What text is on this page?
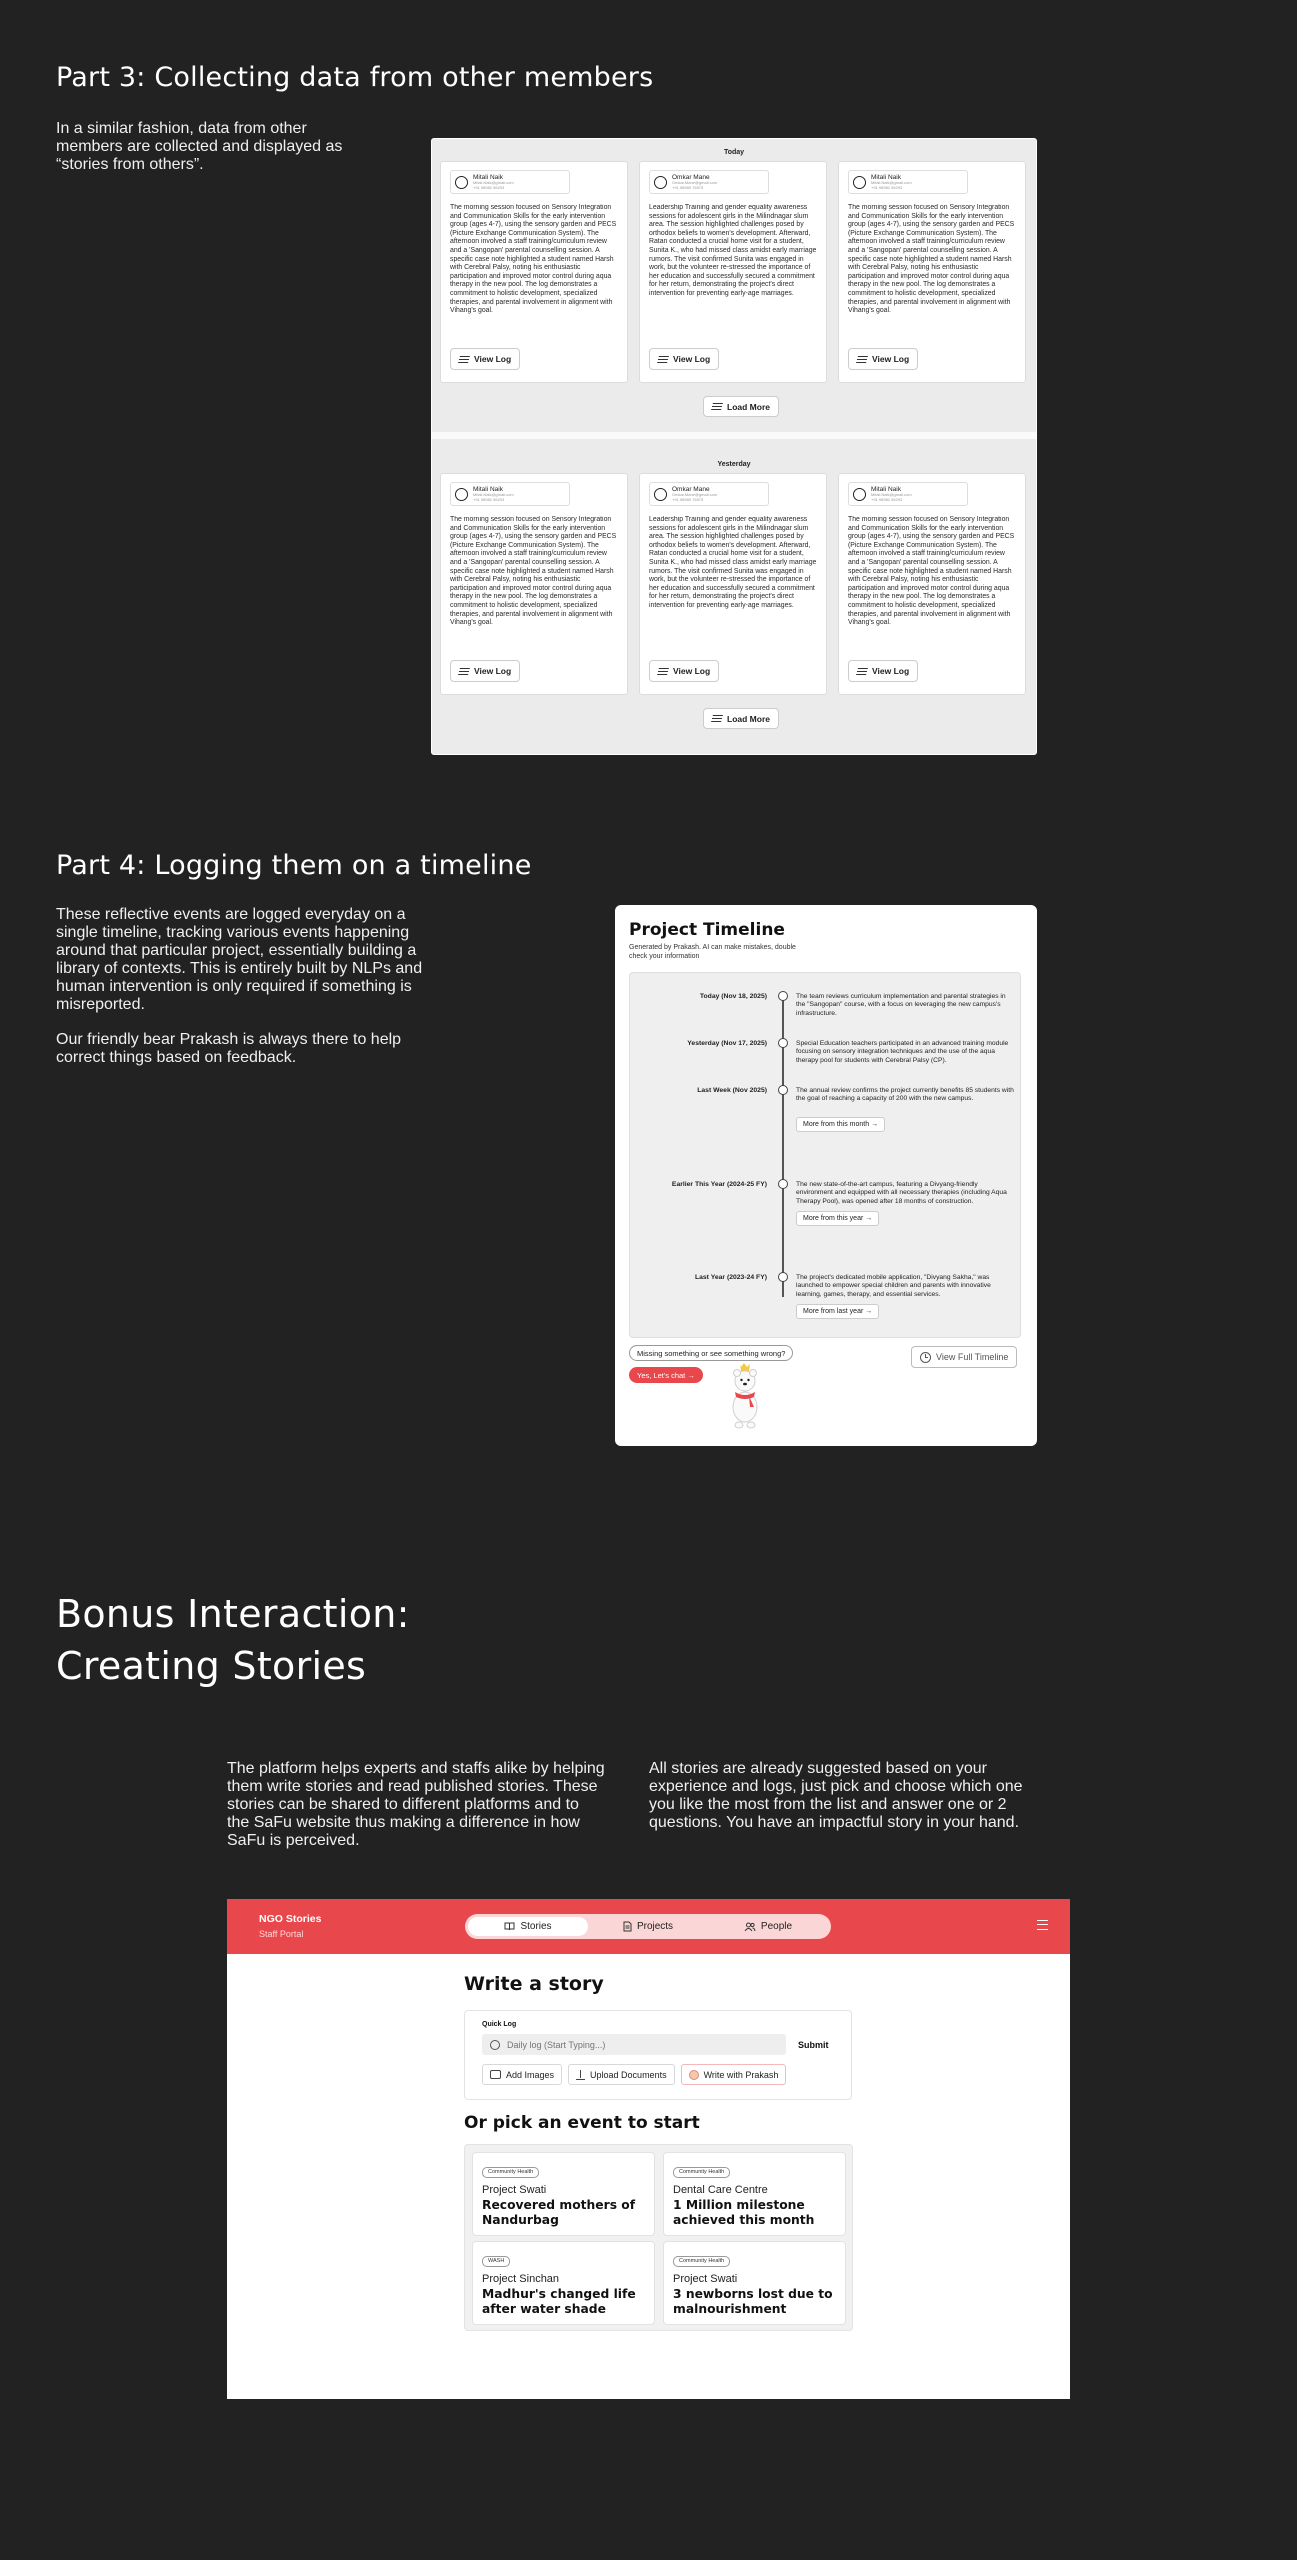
Part 3: Collecting data from other members
In a similar fashion, data from other members are collected and displayed as “stories from others”.
Today
Mitali Naik
Mitali.Naik@gmail.com
+91 98982 56293
The morning session focused on Sensory Integration and Communication Skills for the early intervention group (ages 4-7), using the sensory garden and PECS (Picture Exchange Communication System). The afternoon involved a staff training/curriculum review and a 'Sangopan' parental counselling session. A specific case note highlighted a student named Harsh with Cerebral Palsy, noting his enthusiastic participation and improved motor control during aqua therapy in the new pool. The log demonstrates a commitment to holistic development, specialized therapies, and parental involvement in alignment with Vihang's goal.
View Log
Omkar Mane
Omkar.Mane@gmail.com
+91 98989 76575
Leadership Training and gender equality awareness sessions for adolescent girls in the Milindnagar slum area. The session highlighted challenges posed by orthodox beliefs to women's development. Afterward, Ratan conducted a crucial home visit for a student, Sunita K., who had missed class amidst early marriage rumors. The visit confirmed Sunita was engaged in work, but the volunteer re-stressed the importance of her education and successfully secured a commitment for her return, demonstrating the project's direct intervention for preventing early-age marriages.
View Log
Mitali Naik
Mitali.Naik@gmail.com
+91 98982 56293
The morning session focused on Sensory Integration and Communication Skills for the early intervention group (ages 4-7), using the sensory garden and PECS (Picture Exchange Communication System). The afternoon involved a staff training/curriculum review and a 'Sangopan' parental counselling session. A specific case note highlighted a student named Harsh with Cerebral Palsy, noting his enthusiastic participation and improved motor control during aqua therapy in the new pool. The log demonstrates a commitment to holistic development, specialized therapies, and parental involvement in alignment with Vihang's goal.
View Log
Load More
Yesterday
Mitali Naik
Mitali.Naik@gmail.com
+91 98982 56293
The morning session focused on Sensory Integration and Communication Skills for the early intervention group (ages 4-7), using the sensory garden and PECS (Picture Exchange Communication System). The afternoon involved a staff training/curriculum review and a 'Sangopan' parental counselling session. A specific case note highlighted a student named Harsh with Cerebral Palsy, noting his enthusiastic participation and improved motor control during aqua therapy in the new pool. The log demonstrates a commitment to holistic development, specialized therapies, and parental involvement in alignment with Vihang's goal.
View Log
Omkar Mane
Omkar.Mane@gmail.com
+91 98989 76575
Leadership Training and gender equality awareness sessions for adolescent girls in the Milindnagar slum area. The session highlighted challenges posed by orthodox beliefs to women's development. Afterward, Ratan conducted a crucial home visit for a student, Sunita K., who had missed class amidst early marriage rumors. The visit confirmed Sunita was engaged in work, but the volunteer re-stressed the importance of her education and successfully secured a commitment for her return, demonstrating the project's direct intervention for preventing early-age marriages.
View Log
Mitali Naik
Mitali.Naik@gmail.com
+91 98982 56293
The morning session focused on Sensory Integration and Communication Skills for the early intervention group (ages 4-7), using the sensory garden and PECS (Picture Exchange Communication System). The afternoon involved a staff training/curriculum review and a 'Sangopan' parental counselling session. A specific case note highlighted a student named Harsh with Cerebral Palsy, noting his enthusiastic participation and improved motor control during aqua therapy in the new pool. The log demonstrates a commitment to holistic development, specialized therapies, and parental involvement in alignment with Vihang's goal.
View Log
Load More
Part 4: Logging them on a timeline

These reflective events are logged everyday on a single timeline, tracking various events happening around that particular project, essentially building a library of contexts. This is entirely built by NLPs and human intervention is only required if something is misreported.

Our friendly bear Prakash is always there to help correct things based on feedback.

Project Timeline
Generated by Prakash. AI can make mistakes, double check your information
Today (Nov 18, 2025)	The team reviews curriculum implementation and parental strategies in the "Sangopan" course, with a focus on leveraging the new campus's infrastructure.
Yesterday (Nov 17, 2025)	Special Education teachers participated in an advanced training module focusing on sensory integration techniques and the use of the aqua therapy pool for students with Cerebral Palsy (CP).
Last Week (Nov 2025)	The annual review confirms the project currently benefits 85 students with the goal of reaching a capacity of 200 with the new campus.
More from this month →
Earlier This Year (2024-25 FY)	The new state-of-the-art campus, featuring a Divyang-friendly environment and equipped with all necessary therapies (including Aqua Therapy Pool), was opened after 18 months of construction.
More from this year →
Last Year (2023-24 FY)	The project's dedicated mobile application, "Divyang Sakha," was launched to empower special children and parents with innovative learning, games, therapy, and essential services.
More from last year →
Missing something or see something wrong?
Yes, Let's chat →
View Full Timeline
Bonus Interaction:
Creating Stories
The platform helps experts and staffs alike by helping them write stories and read published stories. These stories can be shared to different platforms and to the SaFu website thus making a difference in how SaFu is perceived.
All stories are already suggested based on your experience and logs, just pick and choose which one you like the most from the list and answer one or 2 questions. You have an impactful story in your hand.
NGO Stories
Staff Portal
Stories	Projects	People
Write a story
Quick Log
Daily log (Start Typing...)
Submit
Add Images	Upload Documents	Write with Prakash
Or pick an event to start
Community Health
Project Swati
Recovered mothers of Nandurbag
Community Health
Dental Care Centre
1 Million milestone achieved this month
WASH
Project Sinchan
Madhur's changed life after water shade
Community Health
Project Swati
3 newborns lost due to malnourishment
